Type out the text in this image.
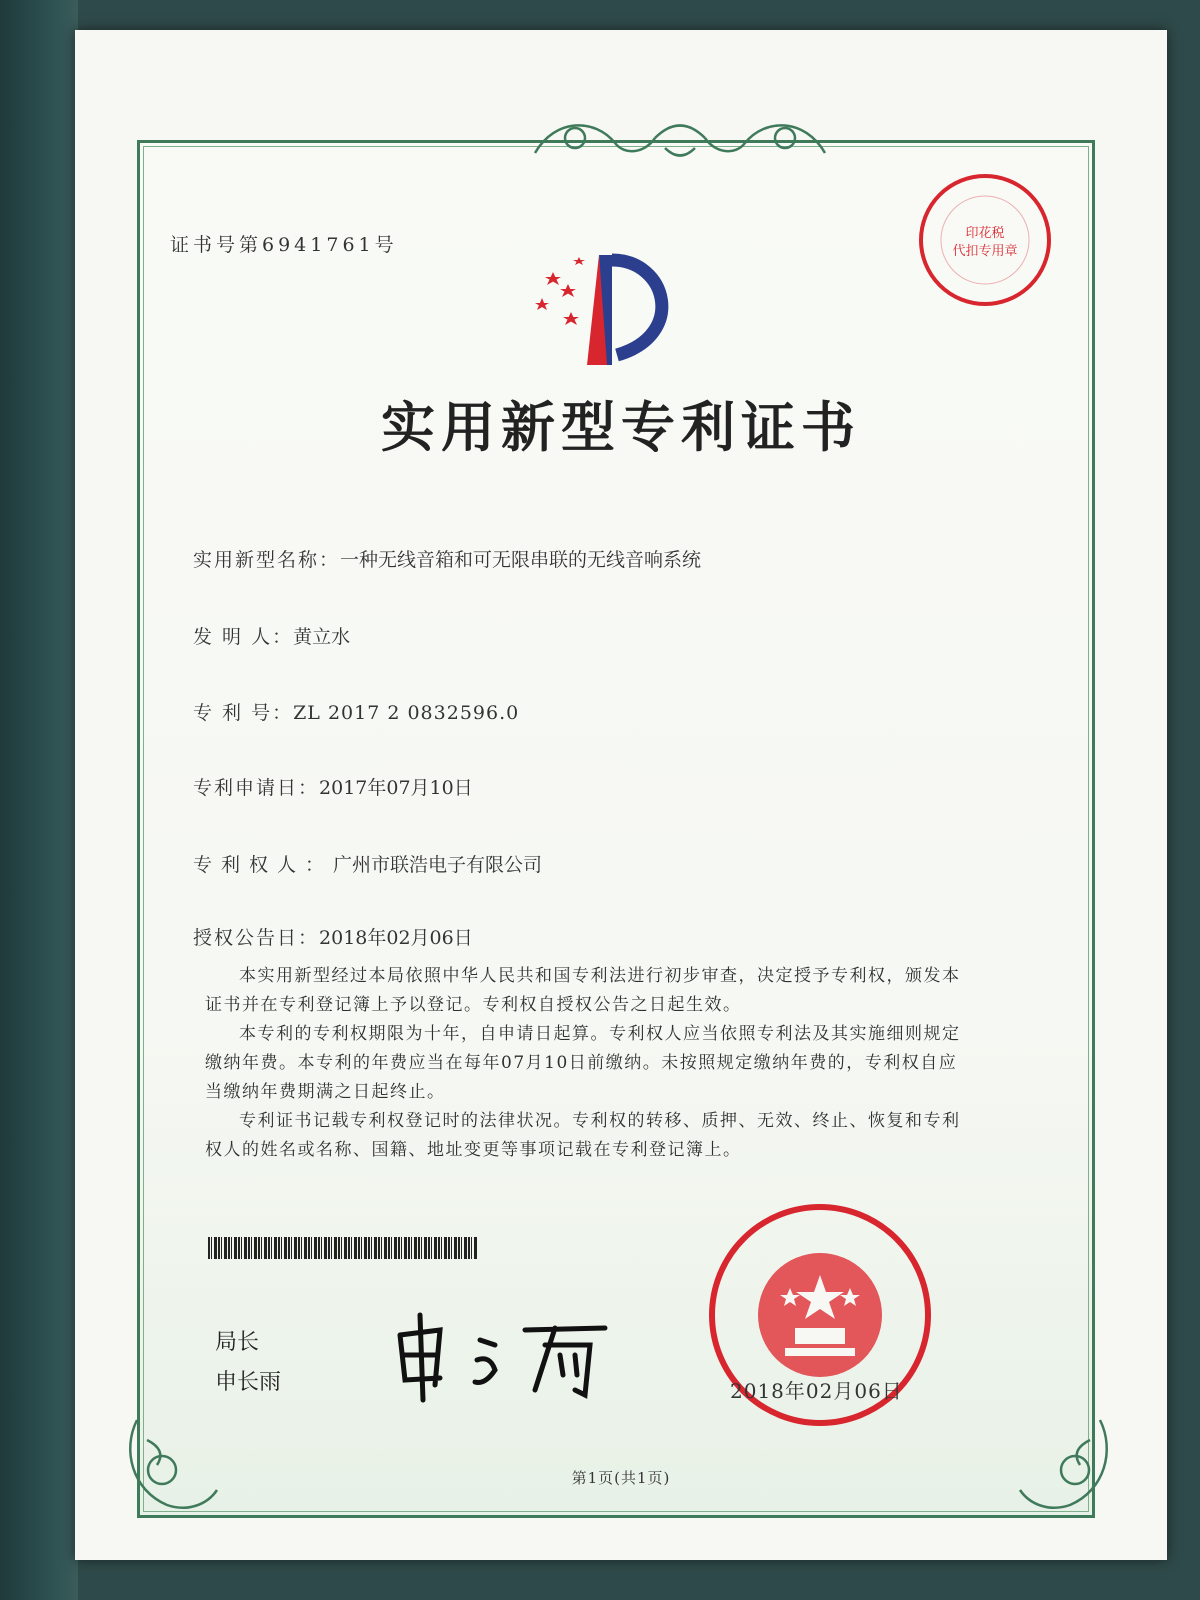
证书号第6941761号
印花税
代扣专用章
实用新型专利证书
实用新型名称：一种无线音箱和可无限串联的无线音响系统
发 明 人：黄立水
专 利 号：ZL 2017 2 0832596.0
专利申请日：2017年07月10日
专利权人：广州市联浩电子有限公司
授权公告日：2018年02月06日

本实用新型经过本局依照中华人民共和国专利法进行初步审查，决定授予专利权，颁发本证书并在专利登记簿上予以登记。专利权自授权公告之日起生效。

本专利的专利权期限为十年，自申请日起算。专利权人应当依照专利法及其实施细则规定缴纳年费。本专利的年费应当在每年07月10日前缴纳。未按照规定缴纳年费的，专利权自应当缴纳年费期满之日起终止。

专利证书记载专利权登记时的法律状况。专利权的转移、质押、无效、终止、恢复和专利权人的姓名或名称、国籍、地址变更等事项记载在专利登记簿上。

局长
申长雨	2018年02月06日
第1页(共1页)
